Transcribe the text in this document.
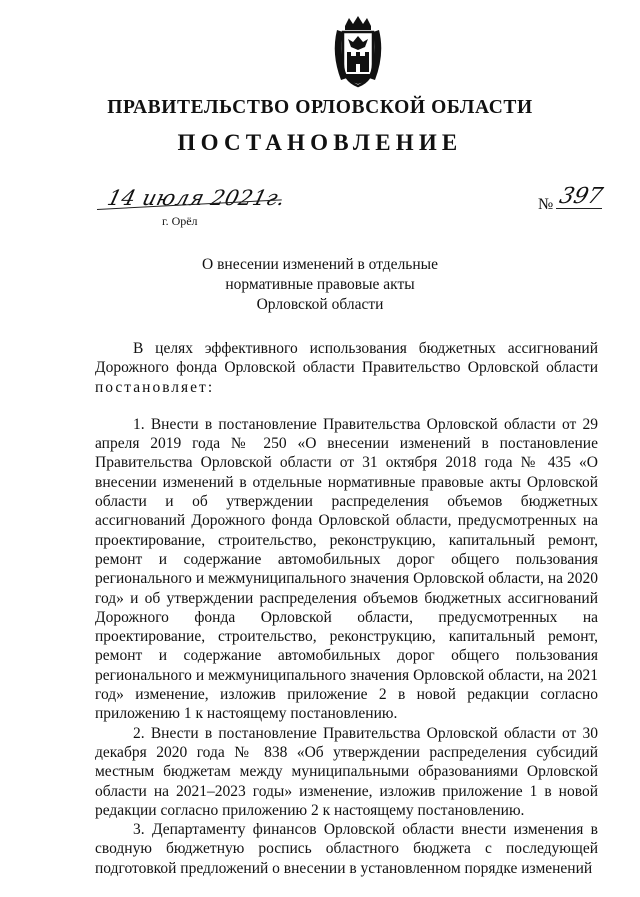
ПРАВИТЕЛЬСТВО ОРЛОВСКОЙ ОБЛАСТИ
ПОСТАНОВЛЕНИЕ
14 июля 2021г.
г. Орёл
№ 397
О внесении изменений в отдельные
нормативные правовые акты
Орловской области

В целях эффективного использования бюджетных ассигнований Дорожного фонда Орловской области Правительство Орловской области постановляет:

1. Внести в постановление Правительства Орловской области от 29 апреля 2019 года № 250 «О внесении изменений в постановление Правительства Орловской области от 31 октября 2018 года № 435 «О внесении изменений в отдельные нормативные правовые акты Орловской области и об утверждении распределения объемов бюджетных ассигнований Дорожного фонда Орловской области, предусмотренных на проектирование, строительство, реконструкцию, капитальный ремонт, ремонт и содержание автомобильных дорог общего пользования регионального и межмуниципального значения Орловской области, на 2020 год» и об утверждении распределения объемов бюджетных ассигнований Дорожного фонда Орловской области, предусмотренных на проектирование, строительство, реконструкцию, капитальный ремонт, ремонт и содержание автомобильных дорог общего пользования регионального и межмуниципального значения Орловской области, на 2021 год» изменение, изложив приложение 2 в новой редакции согласно приложению 1 к настоящему постановлению.

2. Внести в постановление Правительства Орловской области от 30 декабря 2020 года № 838 «Об утверждении распределения субсидий местным бюджетам между муниципальными образованиями Орловской области на 2021–2023 годы» изменение, изложив приложение 1 в новой редакции согласно приложению 2 к настоящему постановлению.

3. Департаменту финансов Орловской области внести изменения в сводную бюджетную роспись областного бюджета с последующей подготовкой предложений о внесении в установленном порядке изменений
